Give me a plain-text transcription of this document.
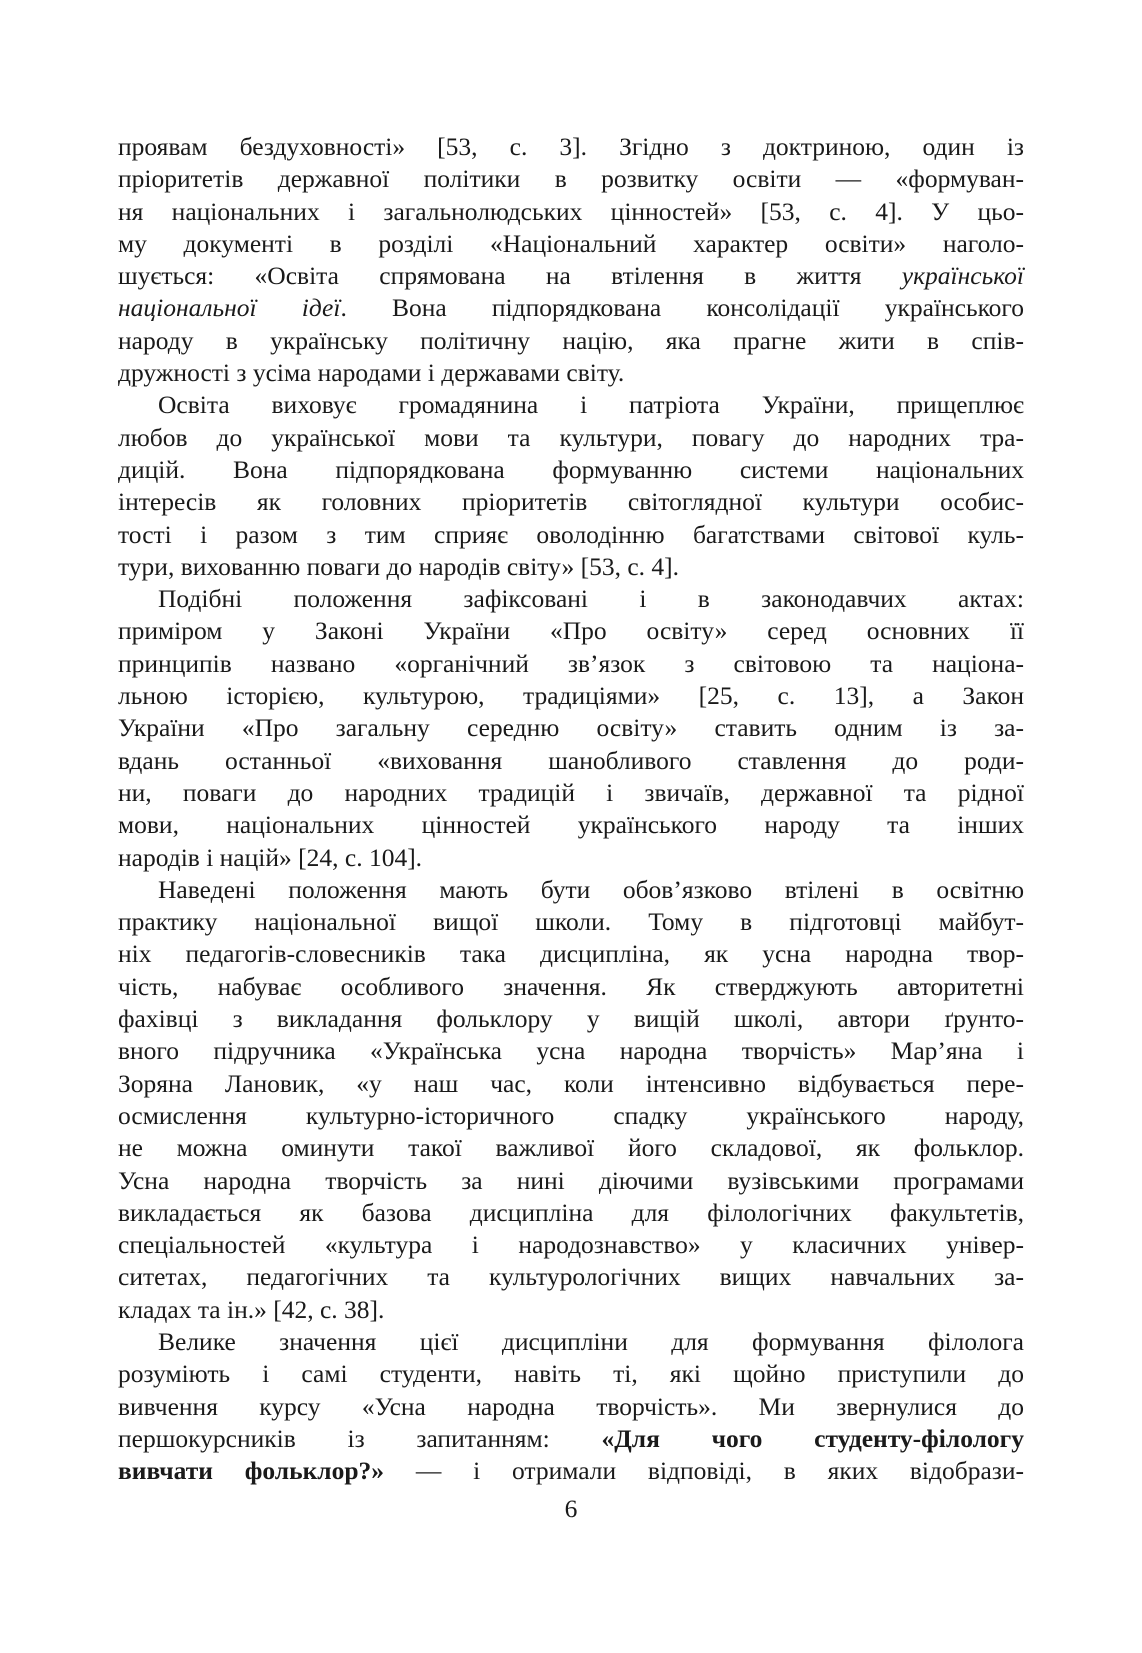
проявам бездуховності» [53, с. 3]. Згідно з доктриною, один із
пріоритетів державної політики в розвитку освіти — «формуван-
ня національних і загальнолюдських цінностей» [53, с. 4]. У цьо-
му документі в розділі «Національний характер освіти» наголо-
шується: «Освіта спрямована на втілення в життя української
національної ідеї. Вона підпорядкована консолідації українського
народу в українську політичну націю, яка прагне жити в спів-
дружності з усіма народами і державами світу.
Освіта виховує громадянина і патріота України, прищеплює
любов до української мови та культури, повагу до народних тра-
дицій. Вона підпорядкована формуванню системи національних
інтересів як головних пріоритетів світоглядної культури особис-
тості і разом з тим сприяє оволодінню багатствами світової куль-
тури, вихованню поваги до народів світу» [53, с. 4].
Подібні положення зафіксовані і в законодавчих актах:
приміром у Законі України «Про освіту» серед основних її
принципів названо «органічний зв’язок з світовою та націона-
льною історією, культурою, традиціями» [25, с. 13], а Закон
України «Про загальну середню освіту» ставить одним із за-
вдань останньої «виховання шанобливого ставлення до роди-
ни, поваги до народних традицій і звичаїв, державної та рідної
мови, національних цінностей українського народу та інших
народів і націй» [24, с. 104].
Наведені положення мають бути обов’язково втілені в освітню
практику національної вищої школи. Тому в підготовці майбут-
ніх педагогів-словесників така дисципліна, як усна народна твор-
чість, набуває особливого значення. Як стверджують авторитетні
фахівці з викладання фольклору у вищій школі, автори ґрунто-
вного підручника «Українська усна народна творчість» Мар’яна і
Зоряна Лановик, «у наш час, коли інтенсивно відбувається пере-
осмислення культурно-історичного спадку українського народу,
не можна оминути такої важливої його складової, як фольклор.
Усна народна творчість за нині діючими вузівськими програмами
викладається як базова дисципліна для філологічних факультетів,
спеціальностей «культура і народознавство» у класичних універ-
ситетах, педагогічних та культурологічних вищих навчальних за-
кладах та ін.» [42, с. 38].
Велике значення цієї дисципліни для формування філолога
розуміють і самі студенти, навіть ті, які щойно приступили до
вивчення курсу «Усна народна творчість». Ми звернулися до
першокурсників із запитанням: «Для чого студенту-філологу
вивчати фольклор?» — і отримали відповіді, в яких відобрази-
6
